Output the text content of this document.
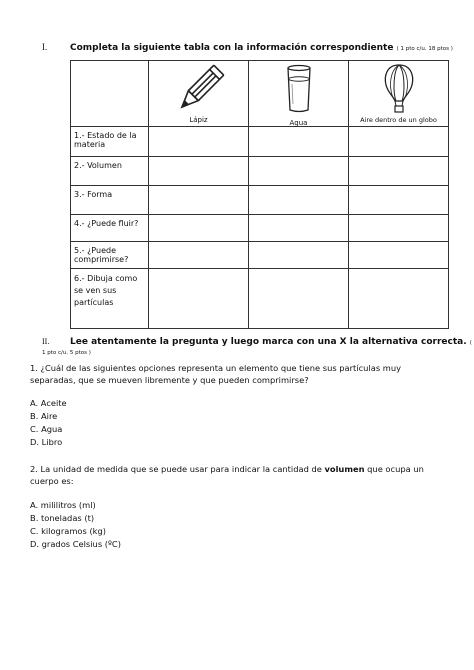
I.	Completa la siguiente tabla con la información correspondiente ( 1 pto c/u. 18 ptos )

	Lápiz	Agua	Aire dentro de un globo

1.- Estado de la materia			
2.- Volumen			
3.- Forma			
4.- ¿Puede fluir?			
5.- ¿Puede comprimirse?			
6.- Dibuja como se ven sus partículas			
II. Lee atentamente la pregunta y luego marca con una X la alternativa correcta. ( 1 pto c/u. 5 ptos )
1. ¿Cuál de las siguientes opciones representa un elemento que tiene sus partículas muy separadas, que se mueven libremente y que pueden comprimirse?
A. Aceite
B. Aire
C. Agua
D. Libro
2. La unidad de medida que se puede usar para indicar la cantidad de volumen que ocupa un cuerpo es:
A. mililitros (ml)
B. toneladas (t)
C. kilogramos (kg)
D. grados Celsius (ºC)
